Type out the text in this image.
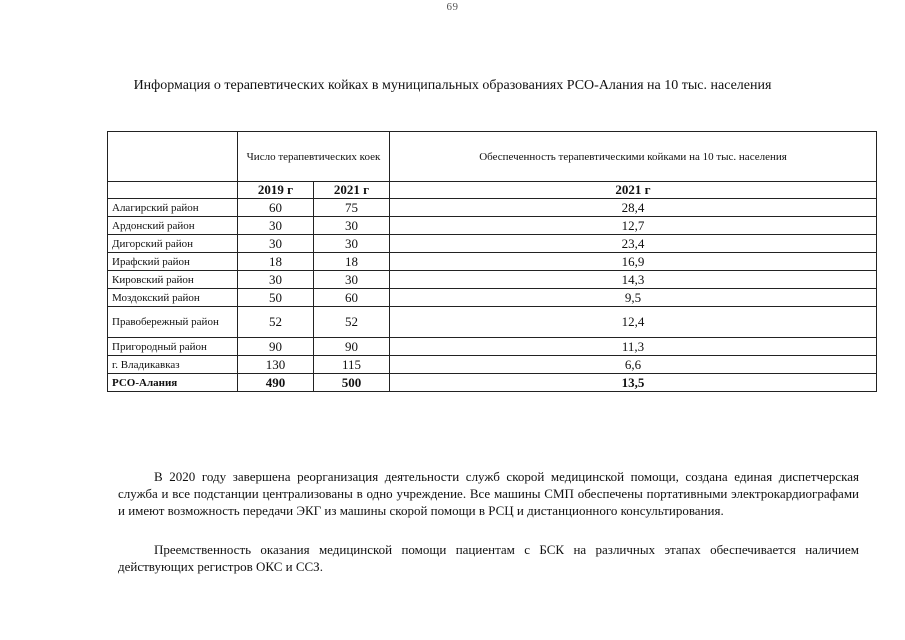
69
Информация о терапевтических койках в муниципальных образованиях РСО-Алания на 10 тыс. населения
	Число терапевтических коек		Обеспеченность терапевтическими койками на 10 тыс. населения
	2019 г	2021 г	2021 г
Алагирский район	60	75	28,4
Ардонский район	30	30	12,7
Дигорский район	30	30	23,4
Ирафский район	18	18	16,9
Кировский район	30	30	14,3
Моздокский район	50	60	9,5
Правобережный район	52	52	12,4
Пригородный район	90	90	11,3
г. Владикавказ	130	115	6,6
РСО-Алания	490	500	13,5

В 2020 году завершена реорганизация деятельности служб скорой медицинской помощи, создана единая диспетчерская служба и все подстанции централизованы в одно учреждение. Все машины СМП обеспечены портативными электрокардиографами и имеют возможность передачи ЭКГ из машины скорой помощи в РСЦ и дистанционного консультирования.

Преемственность оказания медицинской помощи пациентам с БСК на различных этапах обеспечивается наличием действующих регистров ОКС и ССЗ.
